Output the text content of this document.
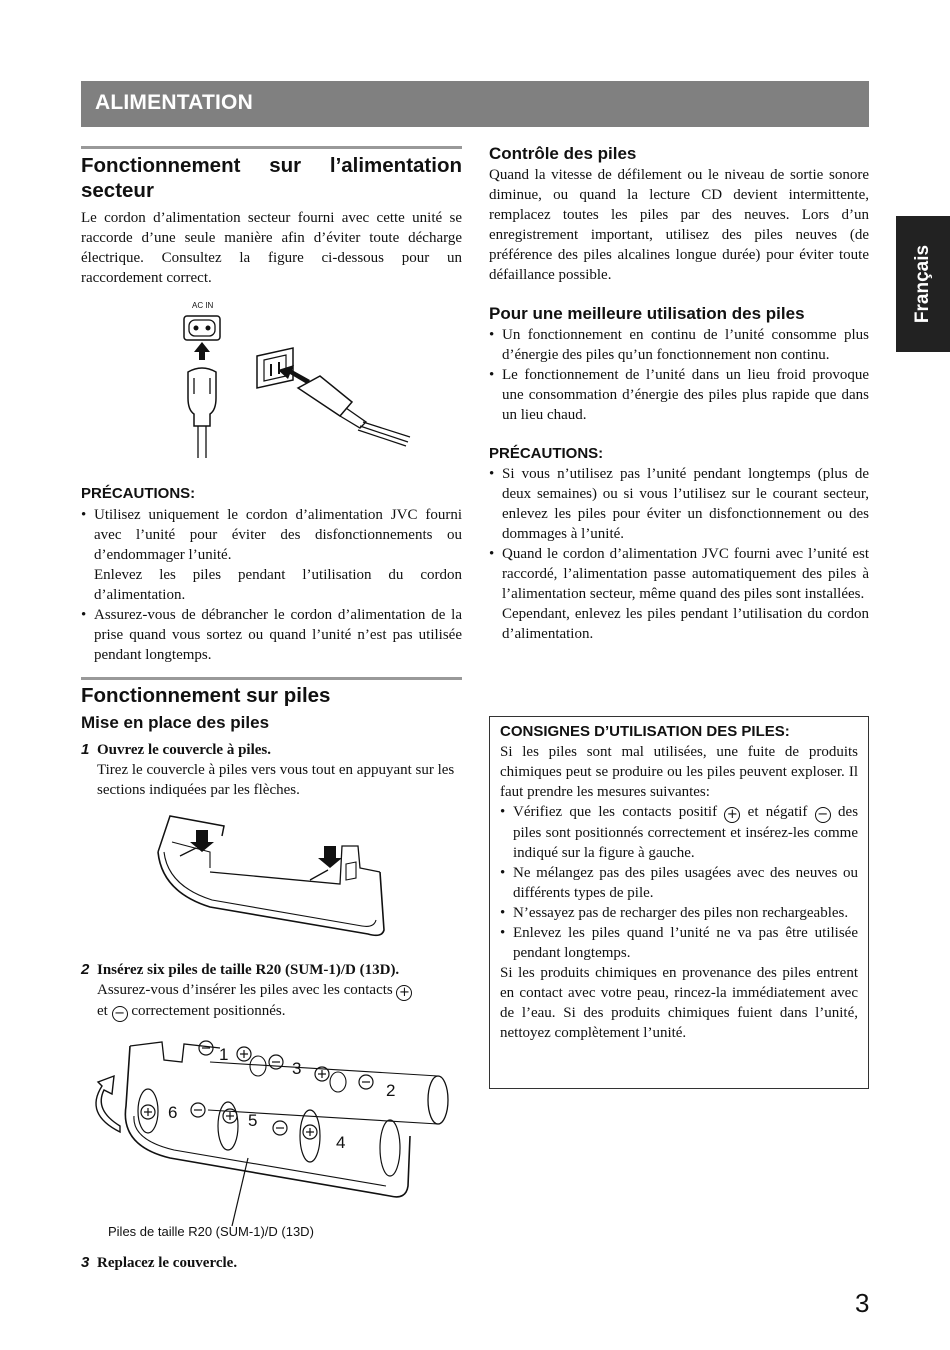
ALIMENTATION
Français
Fonctionnement sur l’alimentation secteur

Le cordon d’alimentation secteur fourni avec cette unité se raccorde d’une seule manière afin d’éviter toute décharge électrique. Consultez la figure ci-dessous pour un raccordement correct.

AC IN
PRÉCAUTIONS:
• Utilisez uniquement le cordon d’alimentation JVC fourni avec l’unité pour éviter des disfonctionnements ou d’endommager l’unité.
Enlevez les piles pendant l’utilisation du cordon d’alimentation.
• Assurez-vous de débrancher le cordon d’alimentation de la prise quand vous sortez ou quand l’unité n’est pas utilisée pendant longtemps.
Fonctionnement sur piles
Mise en place des piles
1 Ouvrez le couvercle à piles.
Tirez le couvercle à piles vers vous tout en appuyant sur les sections indiquées par les flèches.
2 Insérez six piles de taille R20 (SUM-1)/D (13D).
Assurez-vous d’insérer les piles avec les contacts +
et − correctement positionnés.
1
2
3
4
5
6
Piles de taille R20 (SUM-1)/D (13D)
3 Replacez le couvercle.
Contrôle des piles

Quand la vitesse de défilement ou le niveau de sortie sonore diminue, ou quand la lecture CD devient intermittente, remplacez toutes les piles par des neuves. Lors d’un enregistrement important, utilisez des piles neuves (de préférence des piles alcalines longue durée) pour éviter toute défaillance possible.

Pour une meilleure utilisation des piles
• Un fonctionnement en continu de l’unité consomme plus d’énergie des piles qu’un fonctionnement non continu.
• Le fonctionnement de l’unité dans un lieu froid provoque une consommation d’énergie des piles plus rapide que dans un lieu chaud.
PRÉCAUTIONS:
• Si vous n’utilisez pas l’unité pendant longtemps (plus de deux semaines) ou si vous l’utilisez sur le courant secteur, enlevez les piles pour éviter un disfonctionnement ou des dommages à l’unité.
• Quand le cordon d’alimentation JVC fourni avec l’unité est raccordé, l’alimentation passe automatiquement des piles à l’alimentation secteur, même quand des piles sont installées.
Cependant, enlevez les piles pendant l’utilisation du cordon d’alimentation.
CONSIGNES D’UTILISATION DES PILES:

Si les piles sont mal utilisées, une fuite de produits chimiques peut se produire ou les piles peuvent exploser. Il faut prendre les mesures suivantes:

• Vérifiez que les contacts positif + et négatif − des piles sont positionnés correctement et insérez-les comme indiqué sur la figure à gauche.
• Ne mélangez pas des piles usagées avec des neuves ou différents types de pile.
• N’essayez pas de recharger des piles non rechargeables.
• Enlevez les piles quand l’unité ne va pas être utilisée pendant longtemps.

Si les produits chimiques en provenance des piles entrent en contact avec votre peau, rincez-la immédiatement avec de l’eau. Si des produits chimiques fuient dans l’unité, nettoyez complètement l’unité.

3
